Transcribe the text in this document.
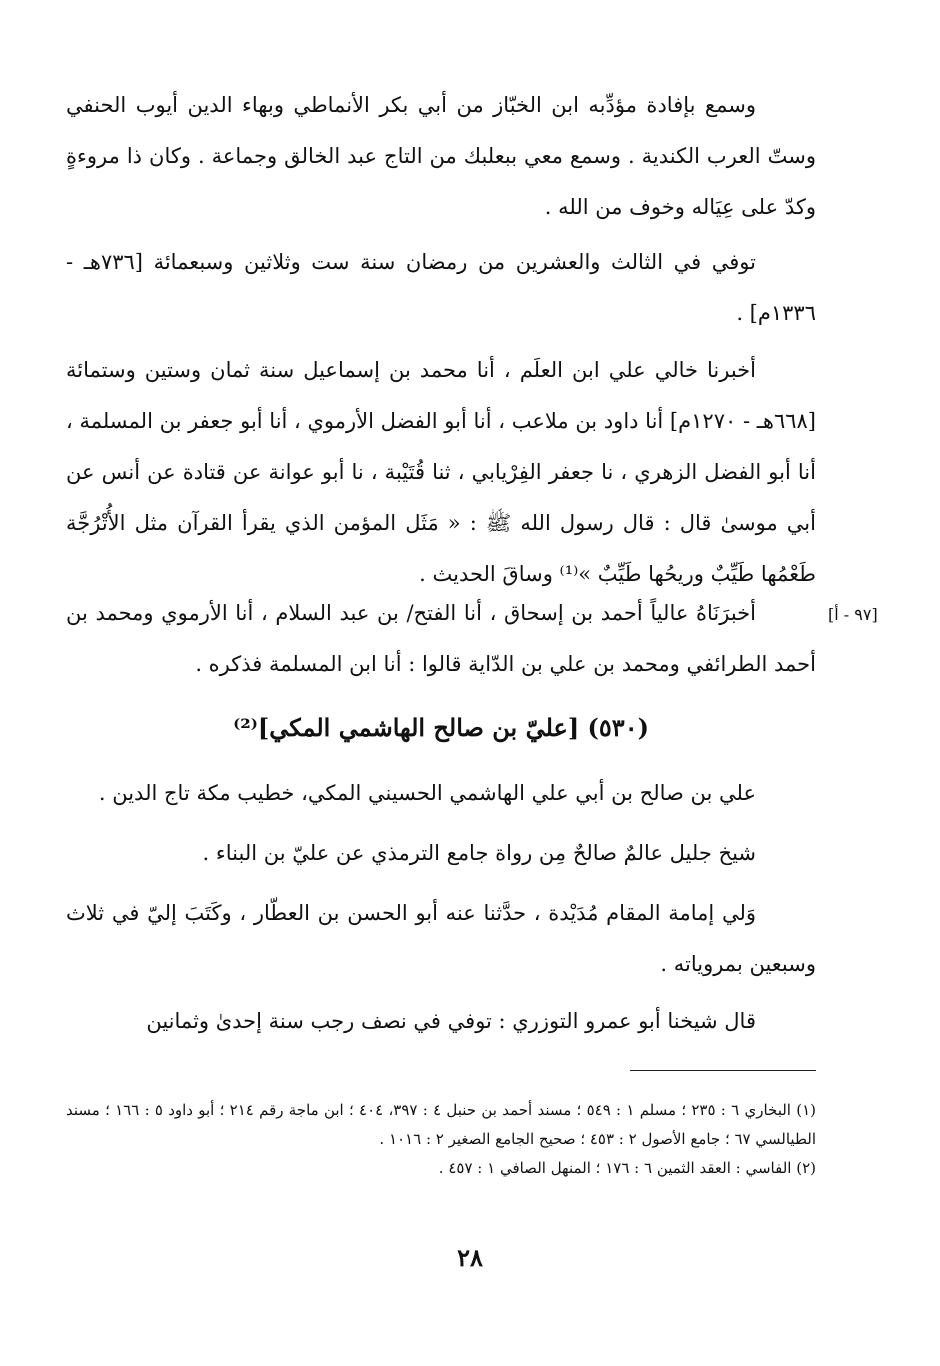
وسمع بإفادة مؤدِّبه ابن الخبّاز من أبي بكر الأنماطي وبهاء الدين أيوب الحنفي وستّ العرب الكندية . وسمع معي ببعلبك من التاج عبد الخالق وجماعة . وكان ذا مروءةٍ وكدّ على عِيَاله وخوف من الله .

توفي في الثالث والعشرين من رمضان سنة ست وثلاثين وسبعمائة [٧٣٦هـ - ١٣٣٦م] .

أخبرنا خالي علي ابن العلَم ، أنا محمد بن إسماعيل سنة ثمان وستين وستمائة [٦٦٨هـ - ١٢٧٠م] أنا داود بن ملاعب ، أنا أبو الفضل الأرموي ، أنا أبو جعفر بن المسلمة ، أنا أبو الفضل الزهري ، نا جعفر الفِرْيابي ، ثنا قُتَيْبة ، نا أبو عوانة عن قتادة عن أنس عن أبي موسىٰ قال : قال رسول الله ﷺ : « مَثَل المؤمن الذي يقرأ القرآن مثل الأُتْرُجَّة طَعْمُها طَيِّبٌ وريحُها طَيِّبٌ »⁽¹⁾ وساقَ الحديث .

[٩٧ - أ]

أخبرَنَاهُ عالياً أحمد بن إسحاق ، أنا الفتح/ بن عبد السلام ، أنا الأرموي ومحمد بن أحمد الطرائفي ومحمد بن علي بن الدّاية قالوا : أنا ابن المسلمة فذكره .

(٥٣٠) [عليّ بن صالح الهاشمي المكي]⁽²⁾

علي بن صالح بن أبي علي الهاشمي الحسيني المكي، خطيب مكة تاج الدين .

شيخ جليل عالمٌ صالحٌ مِن رواة جامع الترمذي عن عليّ بن البناء .

وَلي إمامة المقام مُدَيْدة ، حدَّثنا عنه أبو الحسن بن العطّار ، وكَتَبَ إليّ في ثلاث وسبعين بمروياته .

قال شيخنا أبو عمرو التوزري : توفي في نصف رجب سنة إحدىٰ وثمانين

(١) البخاري ٦ : ٢٣٥ ؛ مسلم ١ : ٥٤٩ ؛ مسند أحمد بن حنبل ٤ : ٣٩٧، ٤٠٤ ؛ ابن ماجة رقم ٢١٤ ؛ أبو داود ٥ : ١٦٦ ؛ مسند الطيالسي ٦٧ ؛ جامع الأصول ٢ : ٤٥٣ ؛ صحيح الجامع الصغير ٢ : ١٠١٦ .

(٢) الفاسي : العقد الثمين ٦ : ١٧٦ ؛ المنهل الصافي ١ : ٤٥٧ .

٢٨
